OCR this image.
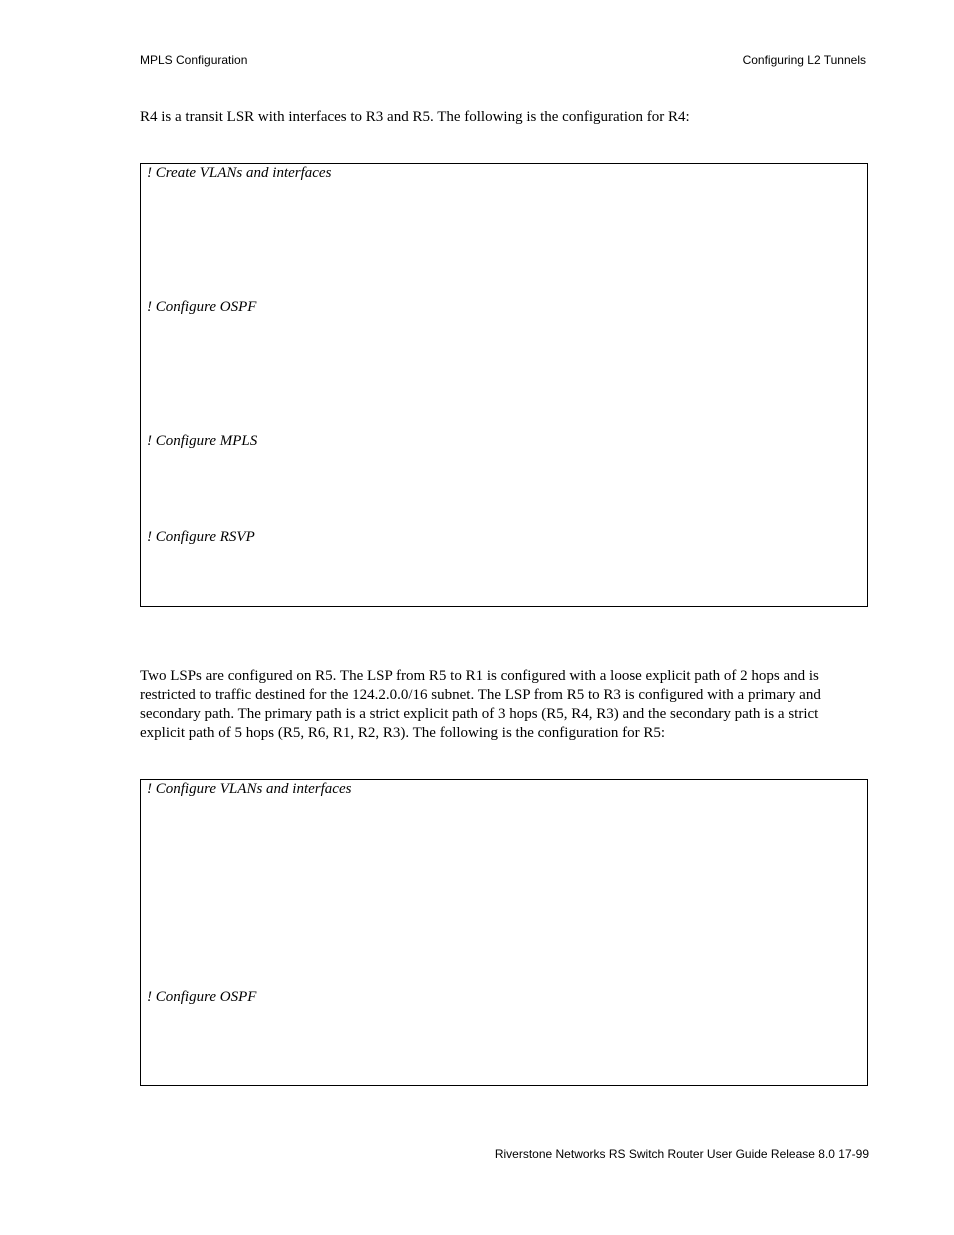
MPLS Configuration	Configuring L2 Tunnels

R4 is a transit LSR with interfaces to R3 and R5. The following is the configuration for R4:

! Create VLANs and interfaces
! Configure OSPF
! Configure MPLS
! Configure RSVP

Two LSPs are configured on R5. The LSP from R5 to R1 is configured with a loose explicit path of 2 hops and is restricted to traffic destined for the 124.2.0.0/16 subnet. The LSP from R5 to R3 is configured with a primary and secondary path. The primary path is a strict explicit path of 3 hops (R5, R4, R3) and the secondary path is a strict explicit path of 5 hops (R5, R6, R1, R2, R3). The following is the configuration for R5:

! Configure VLANs and interfaces
! Configure OSPF
Riverstone Networks RS Switch Router User Guide Release 8.0 17-99
